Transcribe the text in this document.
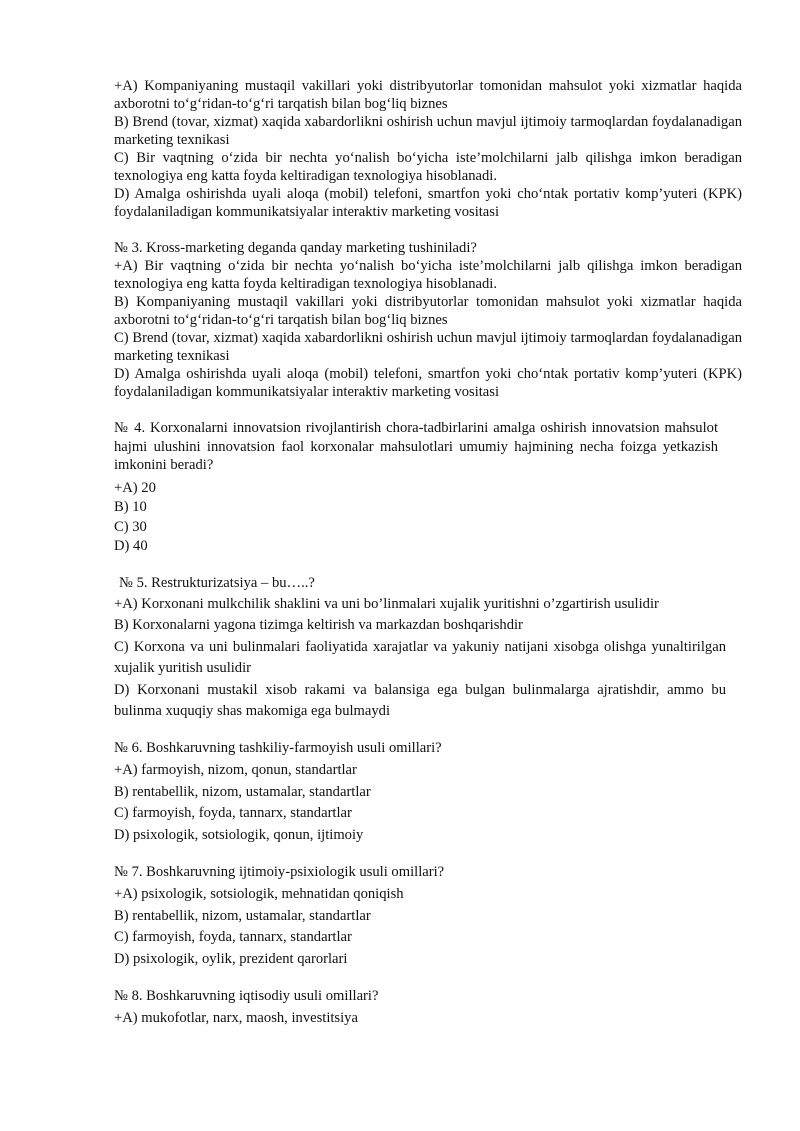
+A) Kompaniyaning mustaqil vakillari yoki distribyutorlar tomonidan mahsulot yoki xizmatlar haqida axborotni to‘g‘ridan-to‘g‘ri tarqatish bilan bog‘liq biznes

B) Brend (tovar, xizmat) xaqida xabardorlikni oshirish uchun mavjul ijtimoiy tarmoqlardan foydalanadigan marketing texnikasi

C) Bir vaqtning o‘zida bir nechta yo‘nalish bo‘yicha iste’molchilarni jalb qilishga imkon beradigan texnologiya eng katta foyda keltiradigan texnologiya hisoblanadi.

D) Amalga oshirishda uyali aloqa (mobil) telefoni, smartfon yoki cho‘ntak portativ komp’yuteri (KPK) foydalaniladigan kommunikatsiyalar interaktiv marketing vositasi

№ 3. Kross-marketing deganda qanday marketing tushiniladi?

+A) Bir vaqtning o‘zida bir nechta yo‘nalish bo‘yicha iste’molchilarni jalb qilishga imkon beradigan texnologiya eng katta foyda keltiradigan texnologiya hisoblanadi.

B) Kompaniyaning mustaqil vakillari yoki distribyutorlar tomonidan mahsulot yoki xizmatlar haqida axborotni to‘g‘ridan-to‘g‘ri tarqatish bilan bog‘liq biznes

C) Brend (tovar, xizmat) xaqida xabardorlikni oshirish uchun mavjul ijtimoiy tarmoqlardan foydalanadigan marketing texnikasi

D) Amalga oshirishda uyali aloqa (mobil) telefoni, smartfon yoki cho‘ntak portativ komp’yuteri (KPK) foydalaniladigan kommunikatsiyalar interaktiv marketing vositasi

№ 4. Korxonalarni innovatsion rivojlantirish chora-tadbirlarini amalga oshirish innovatsion mahsulot hajmi ulushini innovatsion faol korxonalar mahsulotlari umumiy hajmining necha foizga yetkazish imkonini beradi?

+A) 20

B) 10

C) 30

D) 40

№ 5. Restrukturizatsiya – bu…..?

+A) Korxonani mulkchilik shaklini va uni bo’linmalari xujalik yuritishni o’zgartirish usulidir

B) Korxonalarni yagona tizimga keltirish va markazdan boshqarishdir

C) Korxona va uni bulinmalari faoliyatida xarajatlar va yakuniy natijani xisobga olishga yunaltirilgan xujalik yuritish usulidir

D) Korxonani mustakil xisob rakami va balansiga ega bulgan bulinmalarga ajratishdir, ammo bu bulinma xuquqiy shas makomiga ega bulmaydi

№ 6. Boshkaruvning tashkiliy-farmoyish usuli omillari?

+A) farmoyish, nizom, qonun, standartlar

B) rentabellik, nizom, ustamalar, standartlar

C) farmoyish, foyda, tannarx, standartlar

D) psixologik, sotsiologik, qonun, ijtimoiy

№ 7. Boshkaruvning ijtimoiy-psixiologik usuli omillari?

+A) psixologik, sotsiologik, mehnatidan qoniqish

B) rentabellik, nizom, ustamalar, standartlar

C) farmoyish, foyda, tannarx, standartlar

D) psixologik, oylik, prezident qarorlari

№ 8. Boshkaruvning iqtisodiy usuli omillari?

+A) mukofotlar, narx, maosh, investitsiya
